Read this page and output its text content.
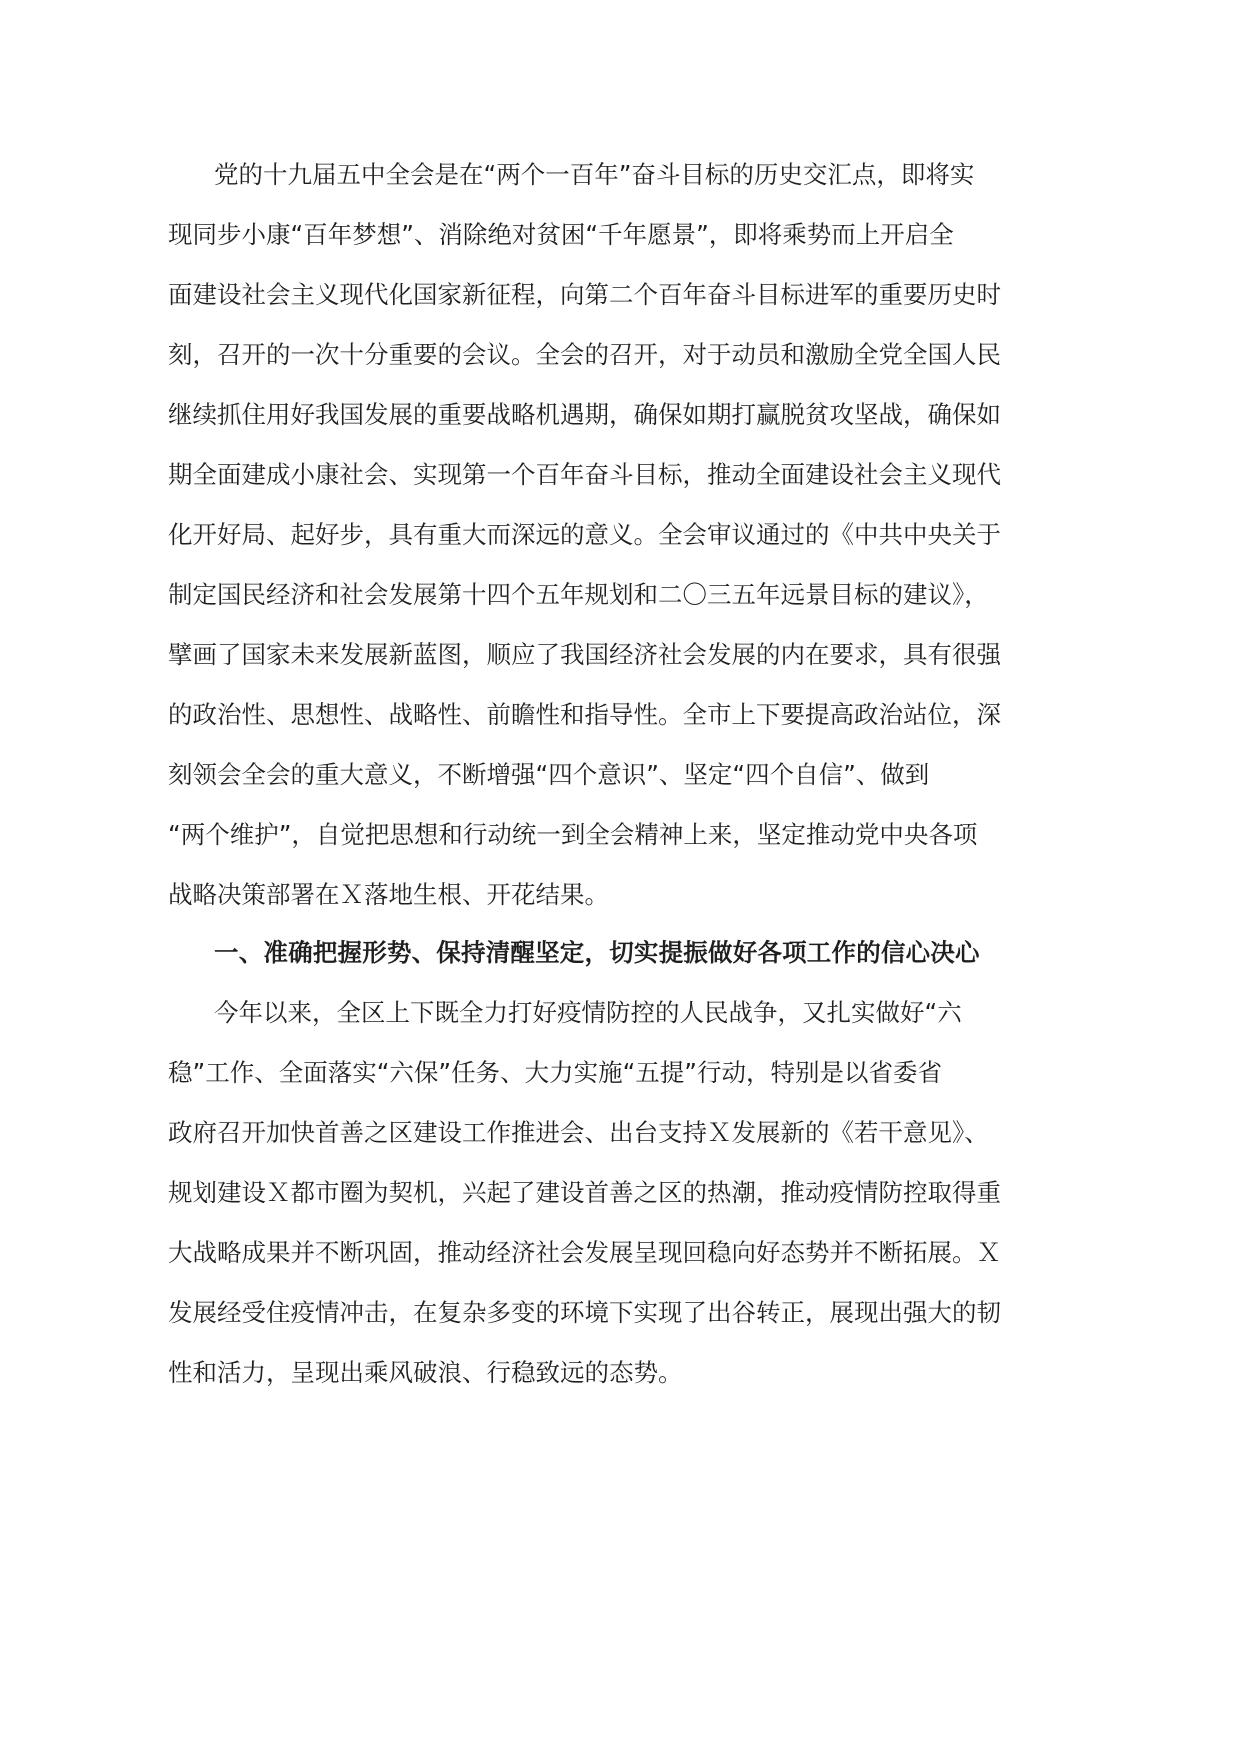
党的十九届五中全会是在“两个一百年”奋斗目标的历史交汇点，即将实

现同步小康“百年梦想”、消除绝对贫困“千年愿景”，即将乘势而上开启全

面建设社会主义现代化国家新征程，向第二个百年奋斗目标进军的重要历史时

刻，召开的一次十分重要的会议。全会的召开，对于动员和激励全党全国人民

继续抓住用好我国发展的重要战略机遇期，确保如期打赢脱贫攻坚战，确保如

期全面建成小康社会、实现第一个百年奋斗目标，推动全面建设社会主义现代

化开好局、起好步，具有重大而深远的意义。全会审议通过的《中共中央关于

制定国民经济和社会发展第十四个五年规划和二〇三五年远景目标的建议》，

擘画了国家未来发展新蓝图，顺应了我国经济社会发展的内在要求，具有很强

的政治性、思想性、战略性、前瞻性和指导性。全市上下要提高政治站位，深

刻领会全会的重大意义，不断增强“四个意识”、坚定“四个自信”、做到

“两个维护”，自觉把思想和行动统一到全会精神上来，坚定推动党中央各项

战略决策部署在Ｘ落地生根、开花结果。

一、准确把握形势、保持清醒坚定，切实提振做好各项工作的信心决心

今年以来，全区上下既全力打好疫情防控的人民战争，又扎实做好“六

稳”工作、全面落实“六保”任务、大力实施“五提”行动，特别是以省委省

政府召开加快首善之区建设工作推进会、出台支持Ｘ发展新的《若干意见》、

规划建设Ｘ都市圈为契机，兴起了建设首善之区的热潮，推动疫情防控取得重

大战略成果并不断巩固，推动经济社会发展呈现回稳向好态势并不断拓展。Ｘ

发展经受住疫情冲击，在复杂多变的环境下实现了出谷转正，展现出强大的韧

性和活力，呈现出乘风破浪、行稳致远的态势。
